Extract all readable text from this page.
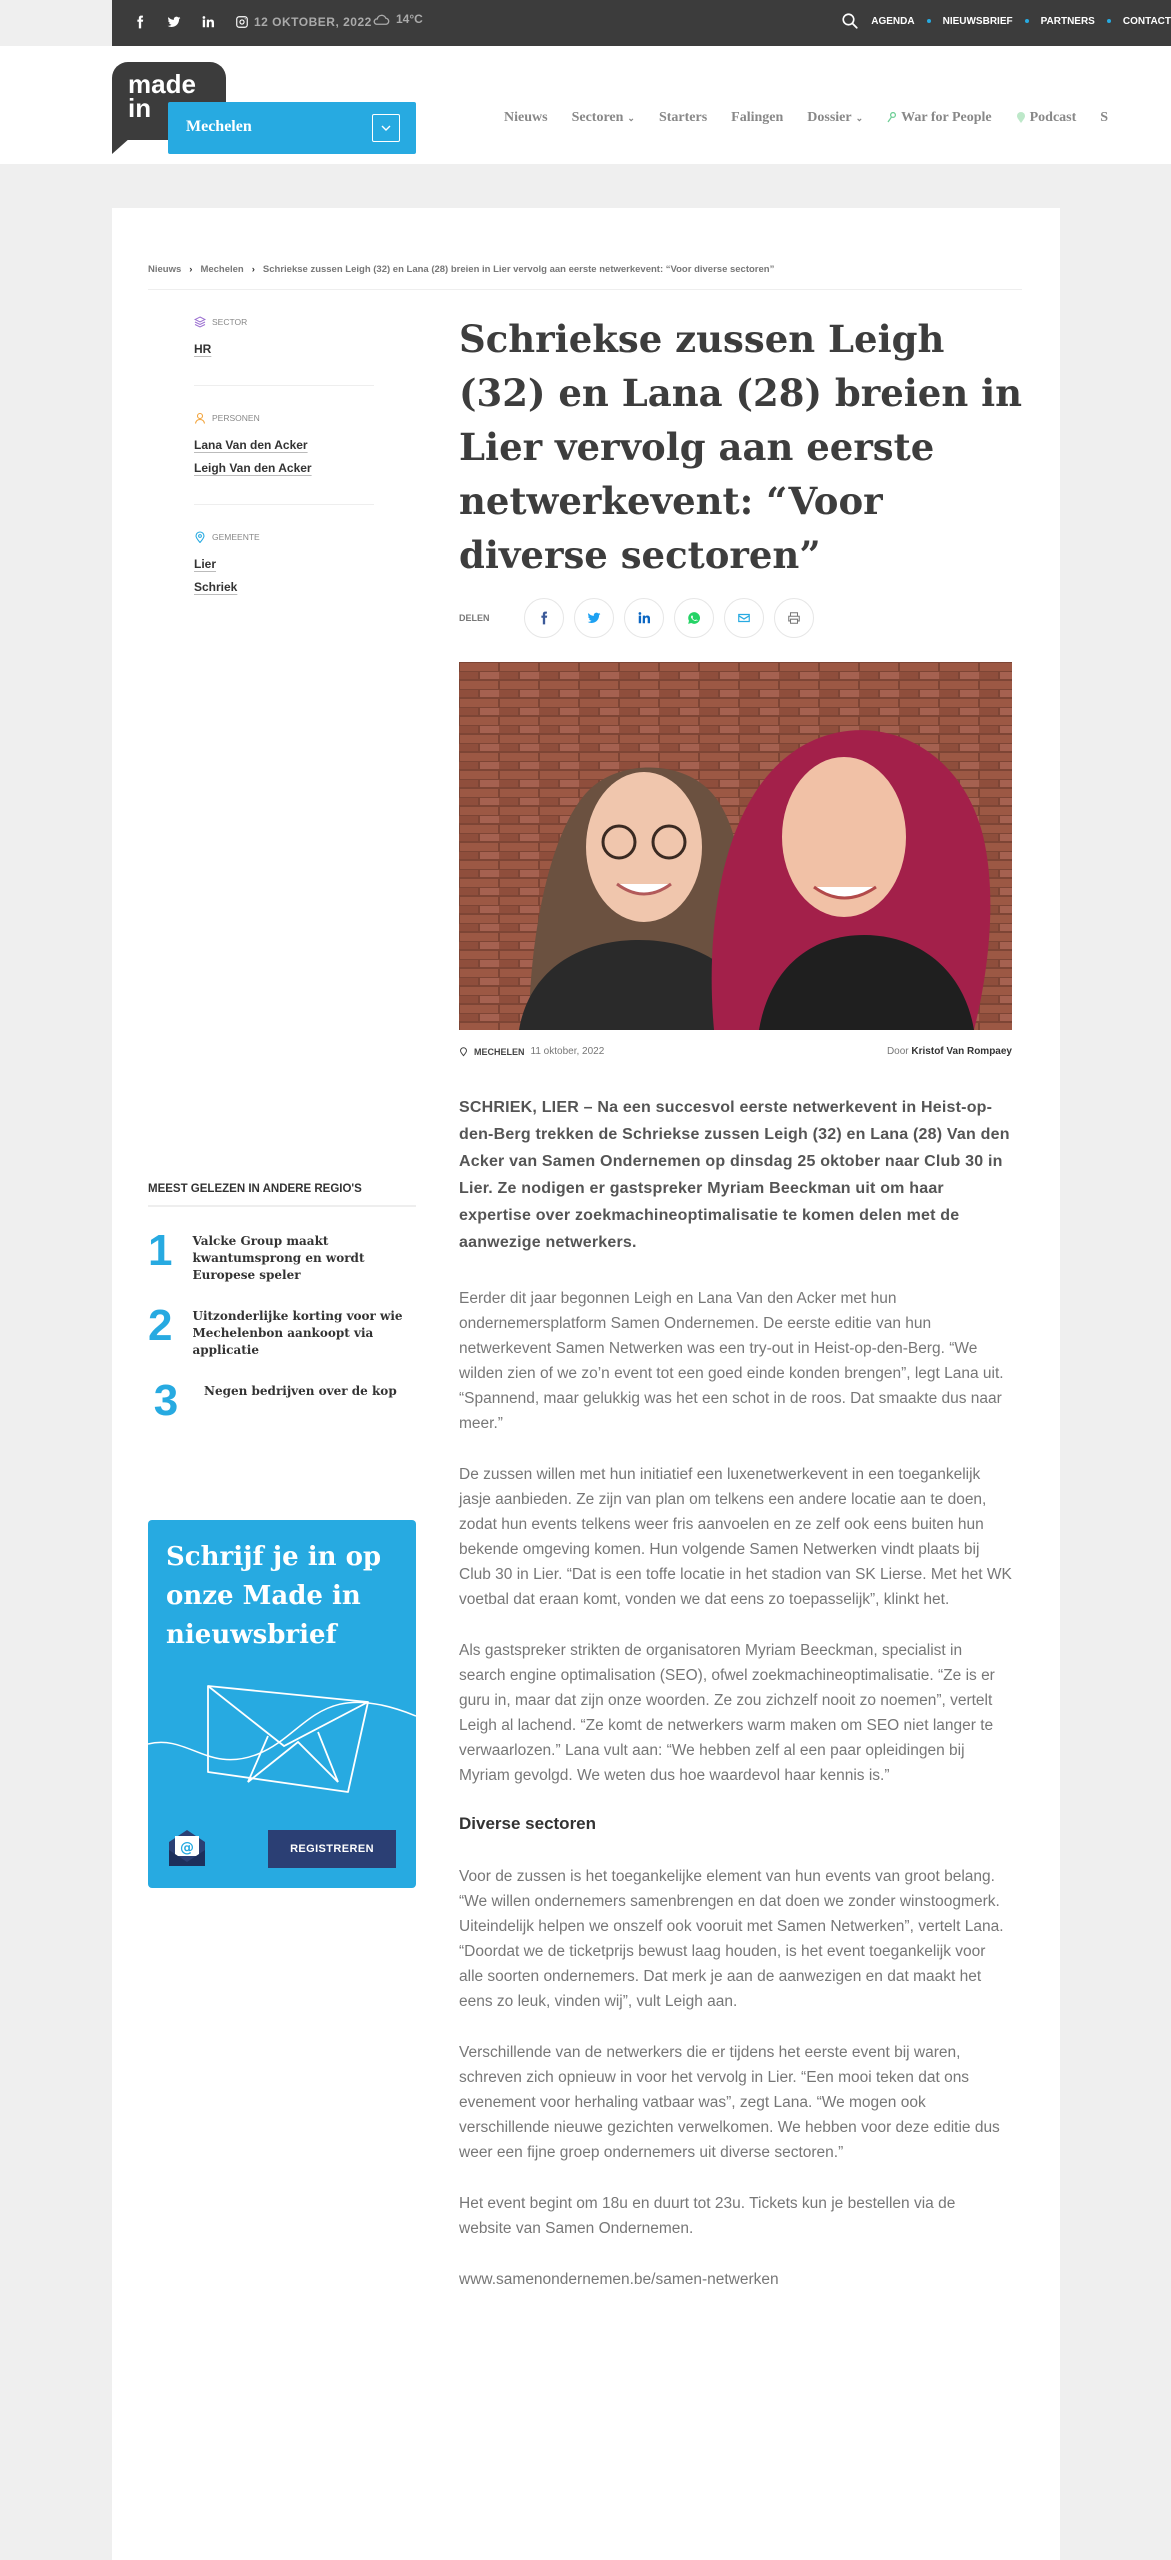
12 OKTOBER, 2022 14°C	AGENDA	NIEUWSBRIEF	PARTNERS	CONTACT
made
in
Mechelen
Nieuws Sectoren ⌄ Starters Falingen Dossier ⌄	War for People	Podcast S
Nieuws › Mechelen › Schriekse zussen Leigh (32) en Lana (28) breien in Lier vervolg aan eerste netwerkevent: “Voor diverse sectoren”
SECTOR
HR
PERSONEN
Lana Van den Acker
Leigh Van den Acker
GEMEENTE
Lier
Schriek
Schriekse zussen Leigh (32) en Lana (28) breien in Lier vervolg aan eerste netwerkevent: “Voor diverse sectoren”
DELEN
MECHELEN 11 oktober, 2022	Door Kristof Van Rompaey

SCHRIEK, LIER – Na een succesvol eerste netwerkevent in Heist-op-den-Berg trekken de Schriekse zussen Leigh (32) en Lana (28) Van den Acker van Samen Ondernemen op dinsdag 25 oktober naar Club 30 in Lier. Ze nodigen er gastspreker Myriam Beeckman uit om haar expertise over zoekmachineoptimalisatie te komen delen met de aanwezige netwerkers.

Eerder dit jaar begonnen Leigh en Lana Van den Acker met hun ondernemersplatform Samen Ondernemen. De eerste editie van hun netwerkevent Samen Netwerken was een try-out in Heist-op-den-Berg. “We wilden zien of we zo’n event tot een goed einde konden brengen”, legt Lana uit. “Spannend, maar gelukkig was het een schot in de roos. Dat smaakte dus naar meer.”

De zussen willen met hun initiatief een luxenetwerkevent in een toegankelijk jasje aanbieden. Ze zijn van plan om telkens een andere locatie aan te doen, zodat hun events telkens weer fris aanvoelen en ze zelf ook eens buiten hun bekende omgeving komen. Hun volgende Samen Netwerken vindt plaats bij Club 30 in Lier. “Dat is een toffe locatie in het stadion van SK Lierse. Met het WK voetbal dat eraan komt, vonden we dat eens zo toepasselijk”, klinkt het.

Als gastspreker strikten de organisatoren Myriam Beeckman, specialist in search engine optimalisation (SEO), ofwel zoekmachineoptimalisatie. “Ze is er guru in, maar dat zijn onze woorden. Ze zou zichzelf nooit zo noemen”, vertelt Leigh al lachend. “Ze komt de netwerkers warm maken om SEO niet langer te verwaarlozen.” Lana vult aan: “We hebben zelf al een paar opleidingen bij Myriam gevolgd. We weten dus hoe waardevol haar kennis is.”

Diverse sectoren

Voor de zussen is het toegankelijke element van hun events van groot belang. “We willen ondernemers samenbrengen en dat doen we zonder winstoogmerk. Uiteindelijk helpen we onszelf ook vooruit met Samen Netwerken”, vertelt Lana. “Doordat we de ticketprijs bewust laag houden, is het event toegankelijk voor alle soorten ondernemers. Dat merk je aan de aanwezigen en dat maakt het eens zo leuk, vinden wij”, vult Leigh aan.

Verschillende van de netwerkers die er tijdens het eerste event bij waren, schreven zich opnieuw in voor het vervolg in Lier. “Een mooi teken dat ons evenement voor herhaling vatbaar was”, zegt Lana. “We mogen ook verschillende nieuwe gezichten verwelkomen. We hebben voor deze editie dus weer een fijne groep ondernemers uit diverse sectoren.”

Het event begint om 18u en duurt tot 23u. Tickets kun je bestellen via de website van Samen Ondernemen.

www.samenondernemen.be/samen-netwerken
MEEST GELEZEN IN ANDERE REGIO'S
1 Valcke Group maakt kwantumsprong en wordt Europese speler
2 Uitzonderlijke korting voor wie Mechelenbon aankoopt via applicatie
3	Negen bedrijven over de kop
Schrijf je in op onze Made in nieuwsbrief
@	REGISTREREN
